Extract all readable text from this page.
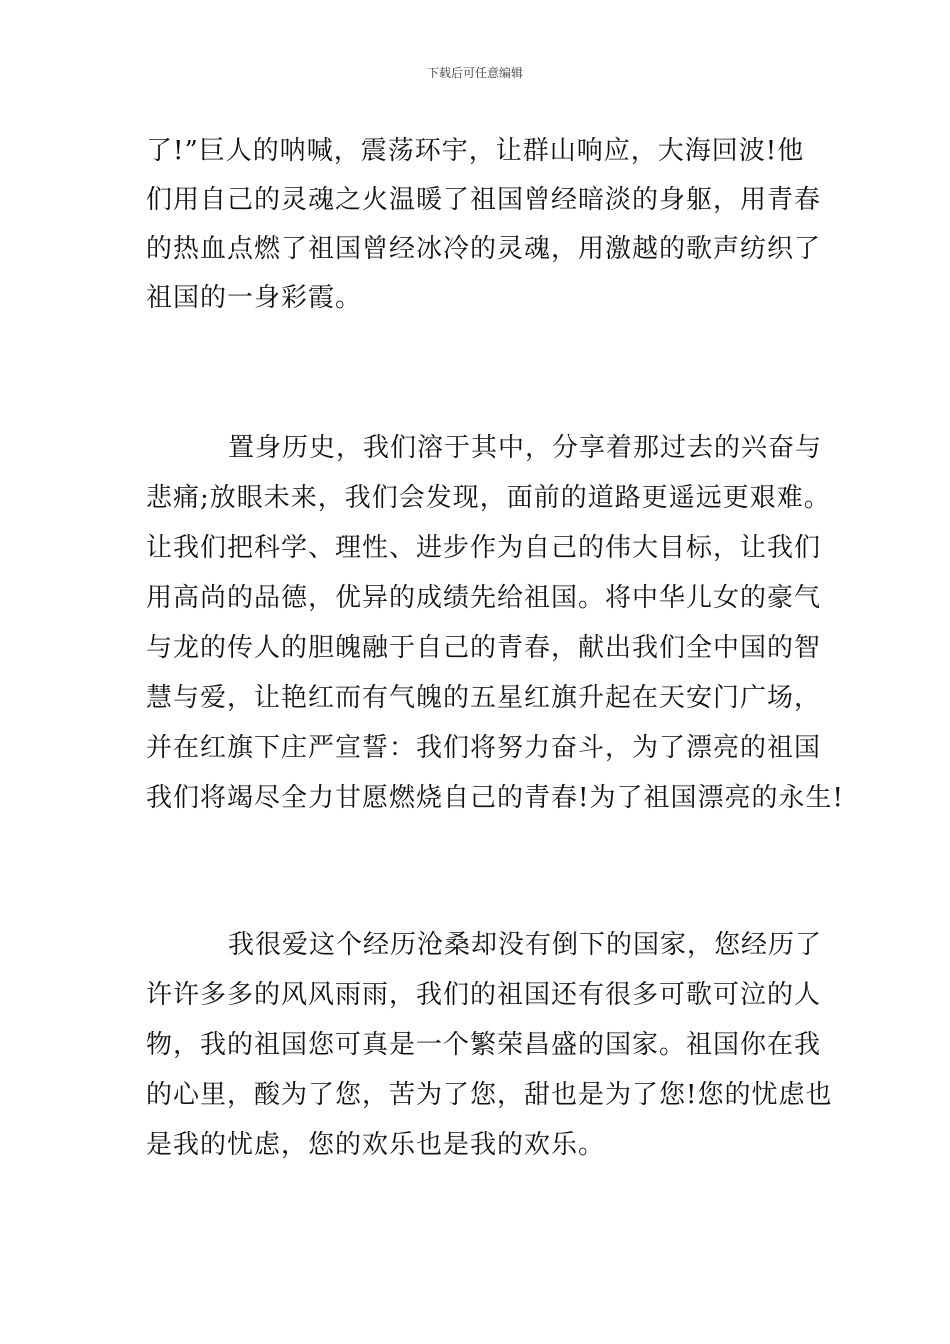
下载后可任意编辑
了!”巨人的呐喊，震荡环宇，让群山响应，大海回波!他
们用自己的灵魂之火温暖了祖国曾经暗淡的身躯，用青春
的热血点燃了祖国曾经冰冷的灵魂，用激越的歌声纺织了
祖国的一身彩霞。
置身历史，我们溶于其中，分享着那过去的兴奋与
悲痛;放眼未来，我们会发现，面前的道路更遥远更艰难。
让我们把科学、理性、进步作为自己的伟大目标，让我们
用高尚的品德，优异的成绩先给祖国。将中华儿女的豪气
与龙的传人的胆魄融于自己的青春，献出我们全中国的智
慧与爱，让艳红而有气魄的五星红旗升起在天安门广场，
并在红旗下庄严宣誓：我们将努力奋斗，为了漂亮的祖国
我们将竭尽全力甘愿燃烧自己的青春!为了祖国漂亮的永生!
我很爱这个经历沧桑却没有倒下的国家，您经历了
许许多多的风风雨雨，我们的祖国还有很多可歌可泣的人
物，我的祖国您可真是一个繁荣昌盛的国家。祖国你在我
的心里，酸为了您，苦为了您，甜也是为了您!您的忧虑也
是我的忧虑，您的欢乐也是我的欢乐。
